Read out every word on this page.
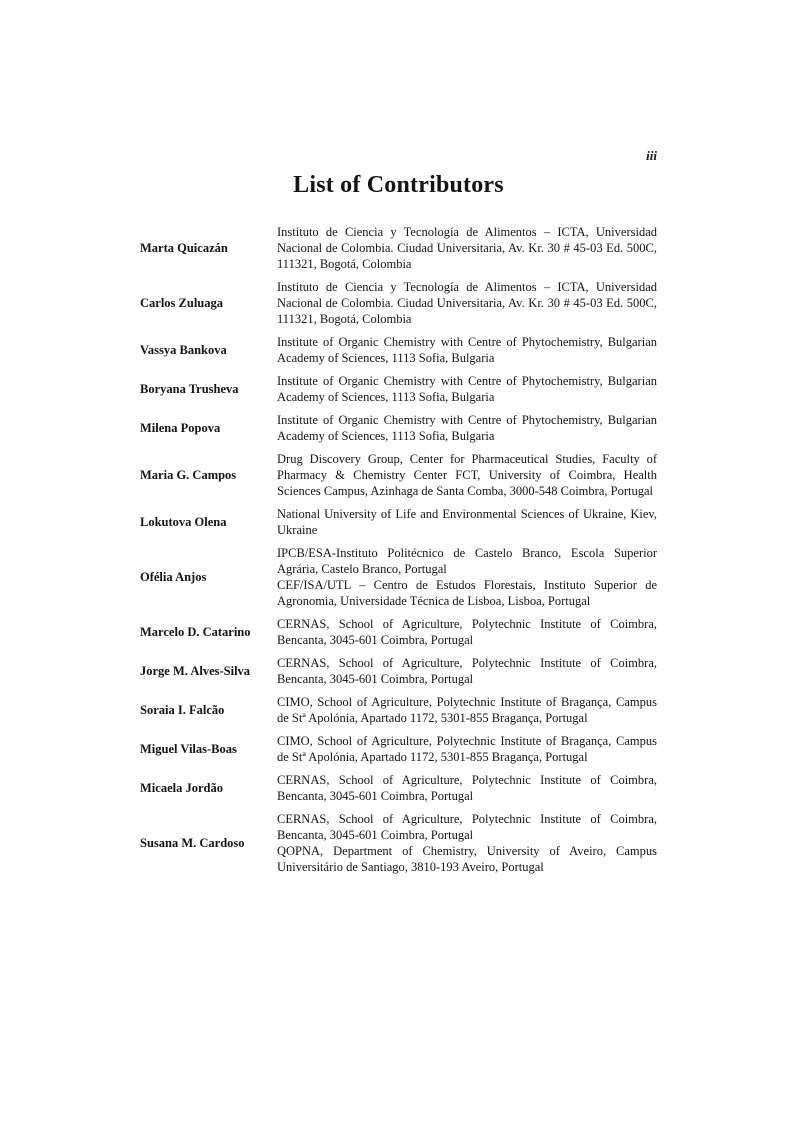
iii
List of Contributors
Marta Quicazán

Instituto de Ciencia y Tecnología de Alimentos – ICTA, Universidad Nacional de Colombia. Ciudad Universitaria, Av. Kr. 30 # 45-03 Ed. 500C, 111321, Bogotá, Colombia

Carlos Zuluaga

Instituto de Ciencia y Tecnología de Alimentos – ICTA, Universidad Nacional de Colombia. Ciudad Universitaria, Av. Kr. 30 # 45-03 Ed. 500C, 111321, Bogotá, Colombia

Vassya Bankova

Institute of Organic Chemistry with Centre of Phytochemistry, Bulgarian Academy of Sciences, 1113 Sofia, Bulgaria

Boryana Trusheva

Institute of Organic Chemistry with Centre of Phytochemistry, Bulgarian Academy of Sciences, 1113 Sofia, Bulgaria

Milena Popova

Institute of Organic Chemistry with Centre of Phytochemistry, Bulgarian Academy of Sciences, 1113 Sofia, Bulgaria

Maria G. Campos

Drug Discovery Group, Center for Pharmaceutical Studies, Faculty of Pharmacy & Chemistry Center FCT, University of Coimbra, Health Sciences Campus, Azinhaga de Santa Comba, 3000-548 Coimbra, Portugal

Lokutova Olena

National University of Life and Environmental Sciences of Ukraine, Kiev, Ukraine

Ofélia Anjos

IPCB/ESA-Instituto Politécnico de Castelo Branco, Escola Superior Agrária, Castelo Branco, Portugal

CEF/ISA/UTL – Centro de Estudos Florestais, Instituto Superior de Agronomia, Universidade Técnica de Lisboa, Lisboa, Portugal

Marcelo D. Catarino

CERNAS, School of Agriculture, Polytechnic Institute of Coimbra, Bencanta, 3045-601 Coimbra, Portugal

Jorge M. Alves-Silva

CERNAS, School of Agriculture, Polytechnic Institute of Coimbra, Bencanta, 3045-601 Coimbra, Portugal

Soraia I. Falcão

CIMO, School of Agriculture, Polytechnic Institute of Bragança, Campus de Stª Apolónia, Apartado 1172, 5301-855 Bragança, Portugal

Miguel Vilas-Boas

CIMO, School of Agriculture, Polytechnic Institute of Bragança, Campus de Stª Apolónia, Apartado 1172, 5301-855 Bragança, Portugal

Micaela Jordão

CERNAS, School of Agriculture, Polytechnic Institute of Coimbra, Bencanta, 3045-601 Coimbra, Portugal

Susana M. Cardoso

CERNAS, School of Agriculture, Polytechnic Institute of Coimbra, Bencanta, 3045-601 Coimbra, Portugal

QOPNA, Department of Chemistry, University of Aveiro, Campus Universitário de Santiago, 3810-193 Aveiro, Portugal
